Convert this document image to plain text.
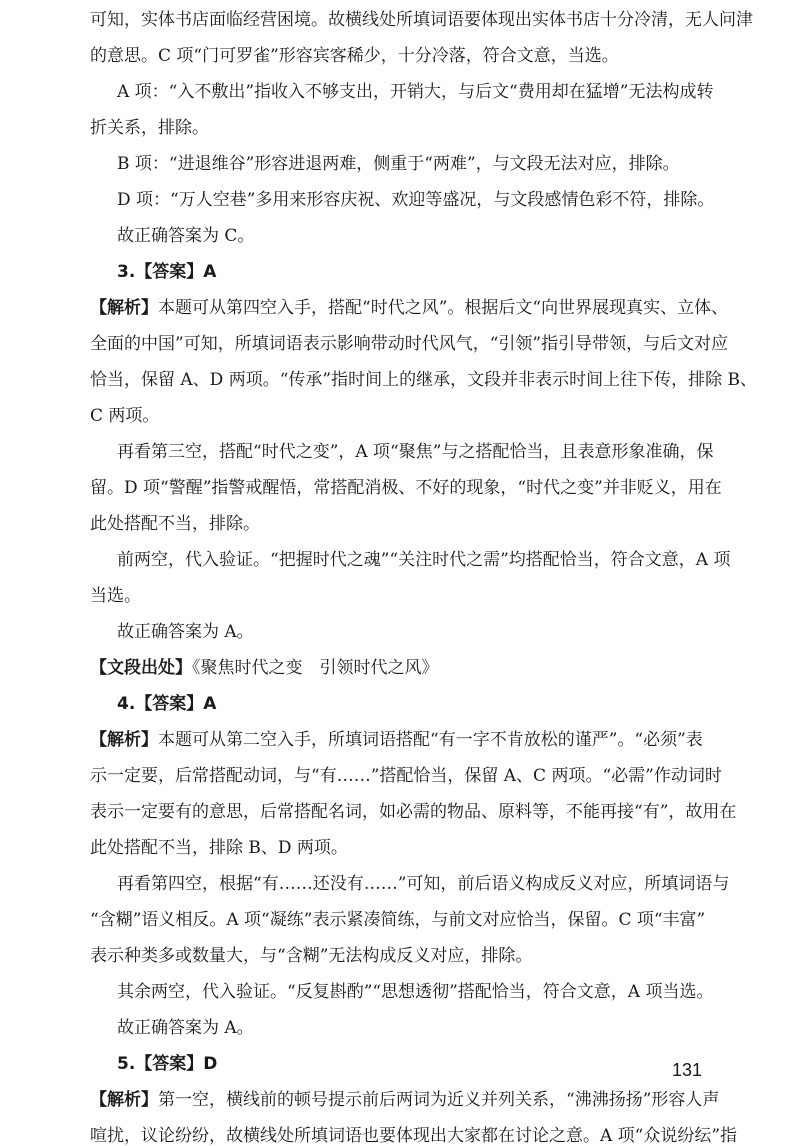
可知，实体书店面临经营困境。故横线处所填词语要体现出实体书店十分冷清，无人问津
的意思。C 项“门可罗雀”形容宾客稀少，十分冷落，符合文意，当选。
A 项：“入不敷出”指收入不够支出，开销大，与后文“费用却在猛增”无法构成转
折关系，排除。
B 项：“进退维谷”形容进退两难，侧重于“两难”，与文段无法对应，排除。
D 项：“万人空巷”多用来形容庆祝、欢迎等盛况，与文段感情色彩不符，排除。
故正确答案为 C。
3.【答案】A
【解析】本题可从第四空入手，搭配“时代之风”。根据后文“向世界展现真实、立体、
全面的中国”可知，所填词语表示影响带动时代风气，“引领”指引导带领，与后文对应
恰当，保留 A、D 两项。“传承”指时间上的继承，文段并非表示时间上往下传，排除 B、
C 两项。
再看第三空，搭配“时代之变”，A 项“聚焦”与之搭配恰当，且表意形象准确，保
留。D 项“警醒”指警戒醒悟，常搭配消极、不好的现象，“时代之变”并非贬义，用在
此处搭配不当，排除。
前两空，代入验证。“把握时代之魂”“关注时代之需”均搭配恰当，符合文意，A 项
当选。
故正确答案为 A。
【文段出处】《聚焦时代之变　引领时代之风》
4.【答案】A
【解析】本题可从第二空入手，所填词语搭配“有一字不肯放松的谨严”。“必须”表
示一定要，后常搭配动词，与“有……”搭配恰当，保留 A、C 两项。“必需”作动词时
表示一定要有的意思，后常搭配名词，如必需的物品、原料等，不能再接“有”，故用在
此处搭配不当，排除 B、D 两项。
再看第四空，根据“有……还没有……”可知，前后语义构成反义对应，所填词语与
“含糊”语义相反。A 项“凝练”表示紧凑简练，与前文对应恰当，保留。C 项“丰富”
表示种类多或数量大，与“含糊”无法构成反义对应，排除。
其余两空，代入验证。“反复斟酌”“思想透彻”搭配恰当，符合文意，A 项当选。
故正确答案为 A。
5.【答案】D
【解析】第一空，横线前的顿号提示前后两词为近义并列关系，“沸沸扬扬”形容人声
喧扰，议论纷纷，故横线处所填词语也要体现出大家都在讨论之意。A 项“众说纷纭”指
131
